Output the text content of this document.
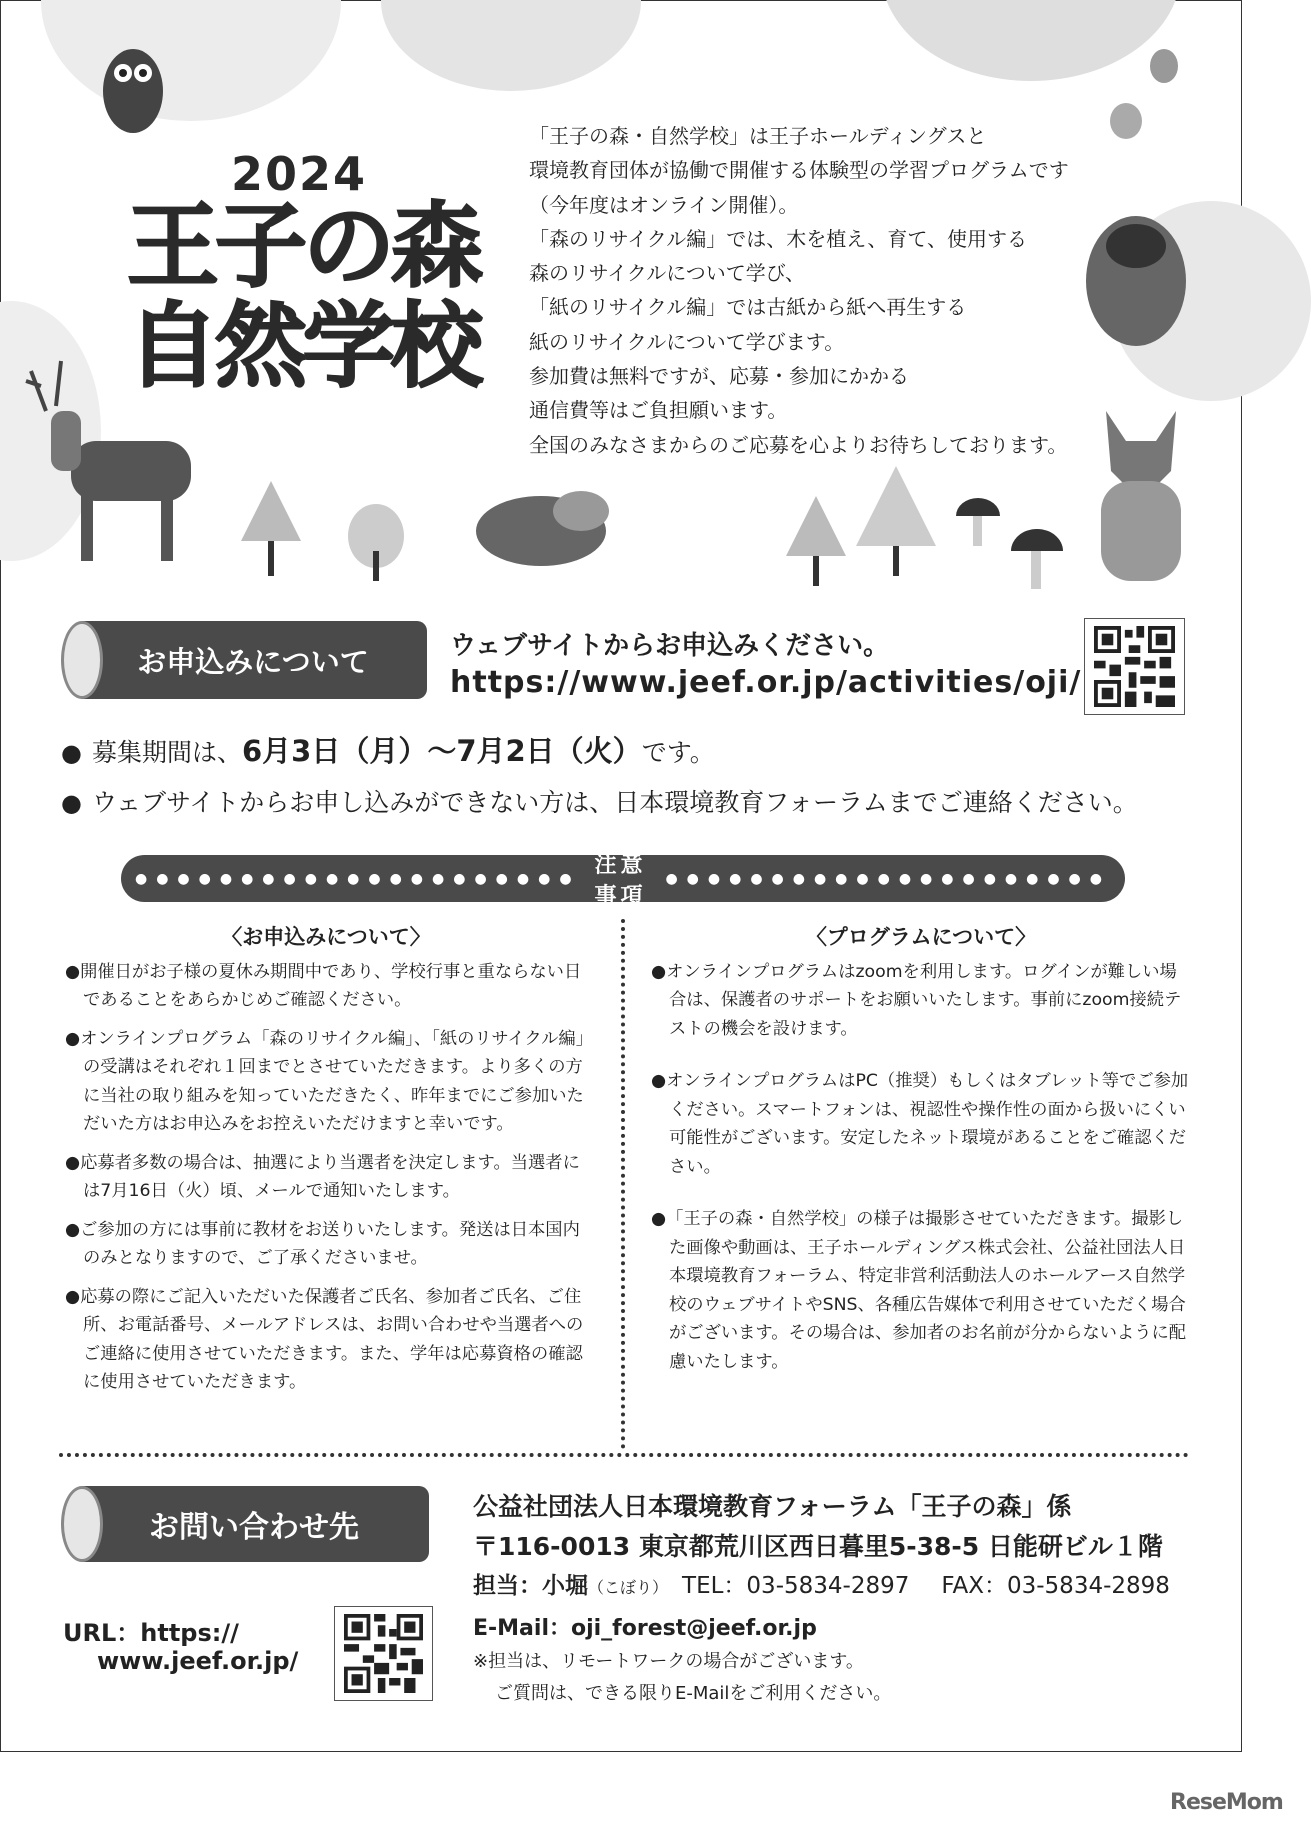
2024
王子の森
自然学校
「王子の森・自然学校」は王子ホールディングスと
環境教育団体が協働で開催する体験型の学習プログラムです
（今年度はオンライン開催）。
「森のリサイクル編」では、木を植え、育て、使用する
森のリサイクルについて学び、
「紙のリサイクル編」では古紙から紙へ再生する
紙のリサイクルについて学びます。
参加費は無料ですが、応募・参加にかかる
通信費等はご負担願います。
全国のみなさまからのご応募を心よりお待ちしております。
お申込みについて	ウェブサイトからお申込みください。
https://www.jeef.or.jp/activities/oji/
● 募集期間は、6月3日（月）〜7月2日（火）です。
● ウェブサイトからお申し込みができない方は、日本環境教育フォーラムまでご連絡ください。
●●●●●●●●●●●●●●●●●●●●●
注意事項
●●●●●●●●●●●●●●●●●●●●●
〈お申込みについて〉
●開催日がお子様の夏休み期間中であり、学校行事と重ならない日であることをあらかじめご確認ください。
●オンラインプログラム「森のリサイクル編」、「紙のリサイクル編」の受講はそれぞれ１回までとさせていただきます。より多くの方に当社の取り組みを知っていただきたく、昨年までにご参加いただいた方はお申込みをお控えいただけますと幸いです。
●応募者多数の場合は、抽選により当選者を決定します。当選者には7月16日（火）頃、メールで通知いたします。
●ご参加の方には事前に教材をお送りいたします。発送は日本国内のみとなりますので、ご了承くださいませ。
●応募の際にご記入いただいた保護者ご氏名、参加者ご氏名、ご住所、お電話番号、メールアドレスは、お問い合わせや当選者へのご連絡に使用させていただきます。また、学年は応募資格の確認に使用させていただきます。
〈プログラムについて〉
●オンラインプログラムはzoomを利用します。ログインが難しい場合は、保護者のサポートをお願いいたします。事前にzoom接続テストの機会を設けます。
●オンラインプログラムはPC（推奨）もしくはタブレット等でご参加ください。スマートフォンは、視認性や操作性の面から扱いにくい可能性がございます。安定したネット環境があることをご確認ください。
●「王子の森・自然学校」の様子は撮影させていただきます。撮影した画像や動画は、王子ホールディングス株式会社、公益社団法人日本環境教育フォーラム、特定非営利活動法人のホールアース自然学校のウェブサイトやSNS、各種広告媒体で利用させていただく場合がございます。その場合は、参加者のお名前が分からないように配慮いたします。
お問い合わせ先
公益社団法人日本環境教育フォーラム「王子の森」係
〒116-0013 東京都荒川区西日暮里5-38-5 日能研ビル１階
担当：小堀（こぼり） TEL：03-5834-2897 FAX：03-5834-2898
E-Mail：oji_forest@jeef.or.jp
※担当は、リモートワークの場合がございます。
ご質問は、できる限りE-Mailをご利用ください。
URL：https://
www.jeef.or.jp/
ReseMom
